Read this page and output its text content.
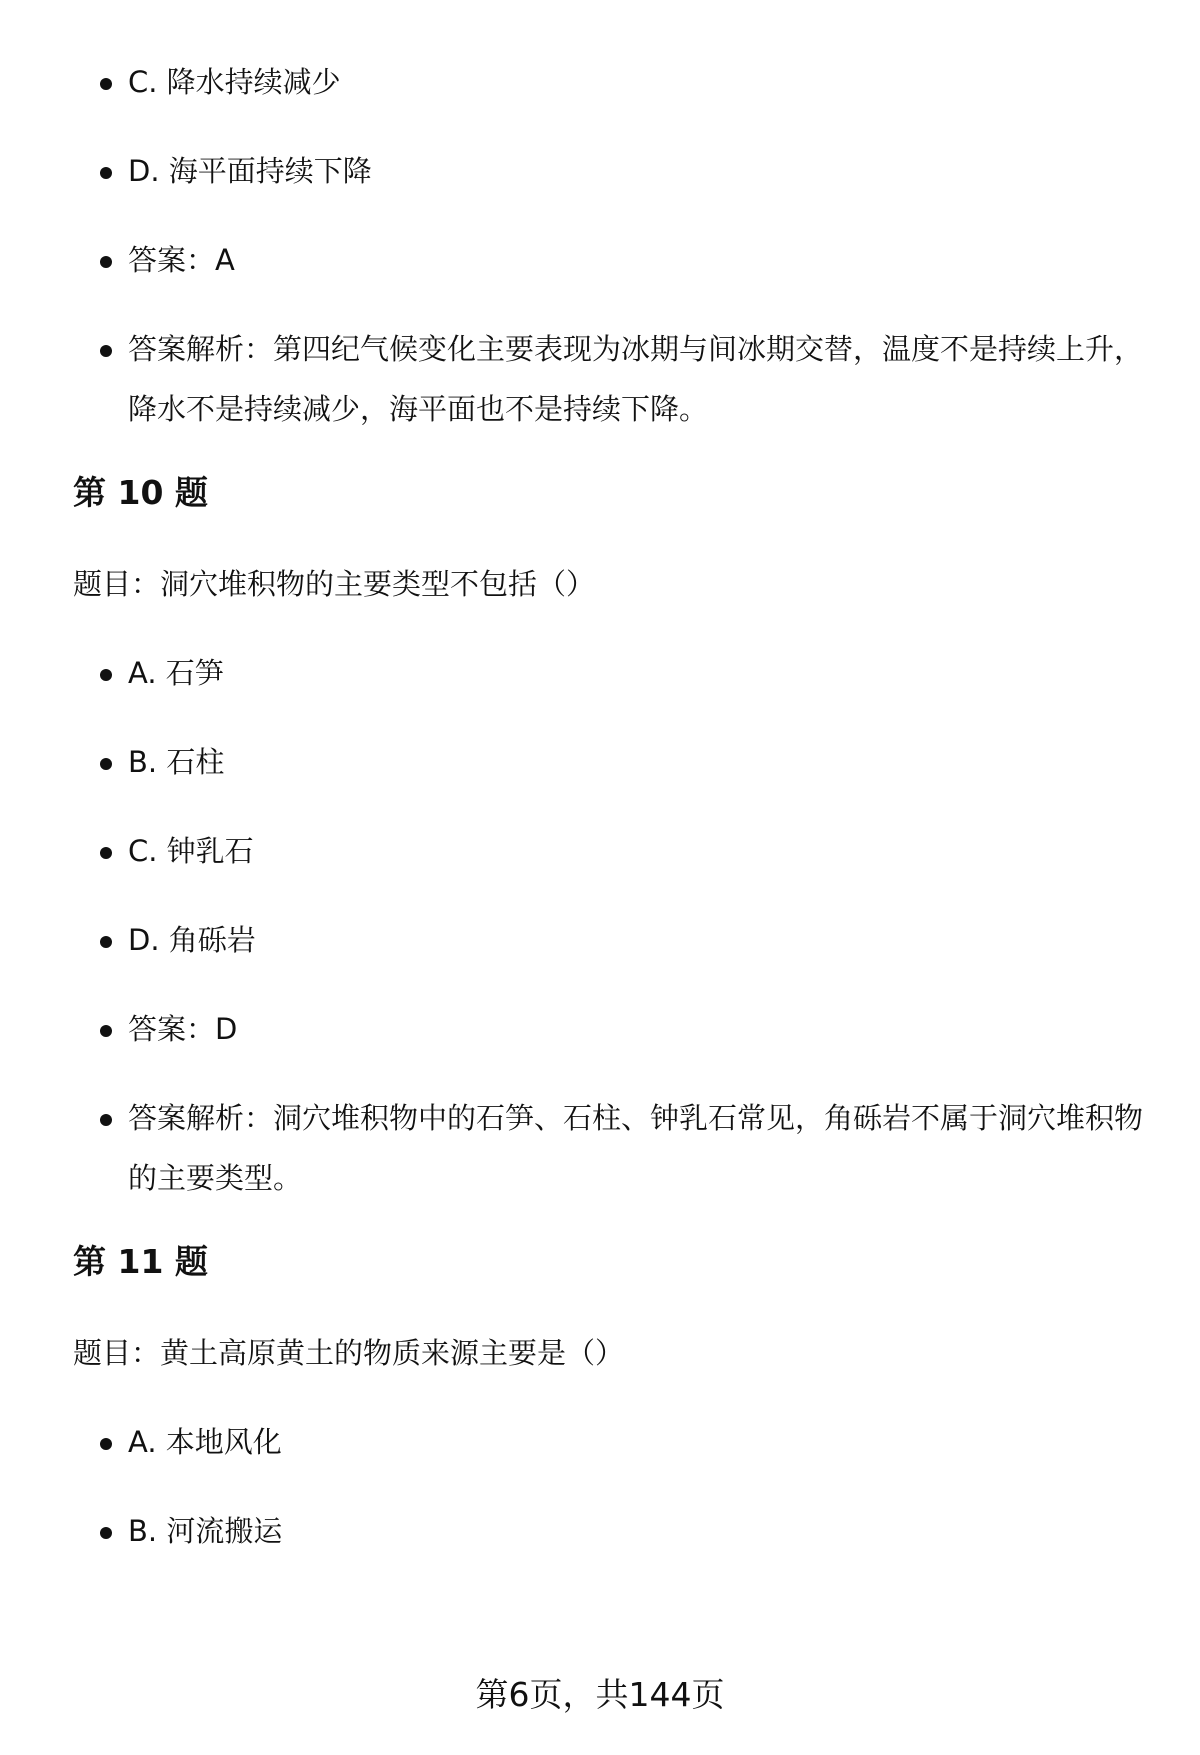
C. 降水持续减少
D. 海平面持续下降
答案：A
答案解析：第四纪气候变化主要表现为冰期与间冰期交替，温度不是持续上升，降水不是持续减少，海平面也不是持续下降。
第 10 题

题目：洞穴堆积物的主要类型不包括（）

A. 石笋
B. 石柱
C. 钟乳石
D. 角砾岩
答案：D
答案解析：洞穴堆积物中的石笋、石柱、钟乳石常见，角砾岩不属于洞穴堆积物的主要类型。
第 11 题

题目：黄土高原黄土的物质来源主要是（）

A. 本地风化
B. 河流搬运
第6页，共144页
